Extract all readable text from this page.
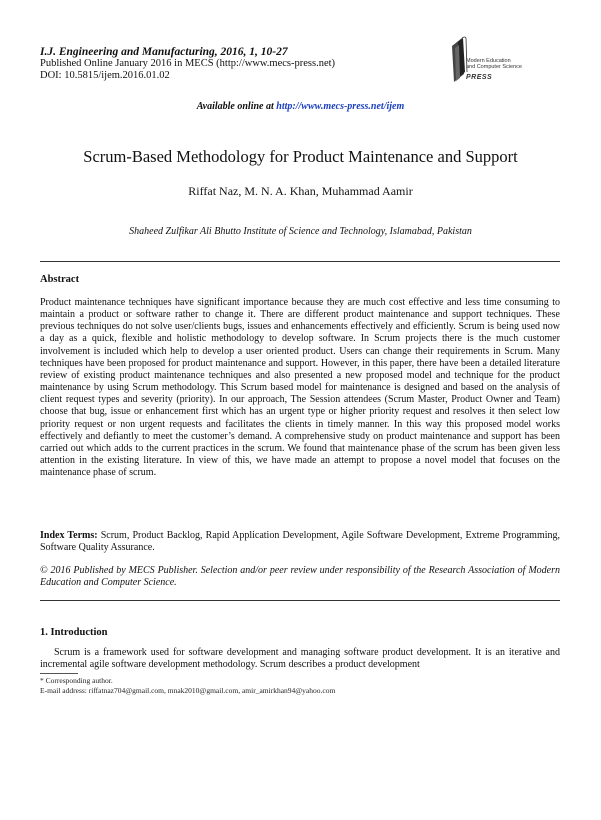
I.J. Engineering and Manufacturing, 2016, 1, 10-27
Published Online January 2016 in MECS (http://www.mecs-press.net)
DOI: 10.5815/ijem.2016.01.02
Modern Education
and Computer Science
PRESS
Available online at http://www.mecs-press.net/ijem
Scrum-Based Methodology for Product Maintenance and Support
Riffat Naz, M. N. A. Khan, Muhammad Aamir
Shaheed Zulfikar Ali Bhutto Institute of Science and Technology, Islamabad, Pakistan
Abstract

Product maintenance techniques have significant importance because they are much cost effective and less time consuming to maintain a product or software rather to change it. There are different product maintenance and support techniques. These previous techniques do not solve user/clients bugs, issues and enhancements effectively and efficiently. Scrum is being used now a day as a quick, flexible and holistic methodology to develop software. In Scrum projects there is the much customer involvement is included which help to develop a user oriented product. Users can change their requirements in Scrum. Many techniques have been proposed for product maintenance and support. However, in this paper, there have been a detailed literature review of existing product maintenance techniques and also presented a new proposed model and technique for the product maintenance by using Scrum methodology. This Scrum based model for maintenance is designed and based on the analysis of client request types and severity (priority). In our approach, The Session attendees (Scrum Master, Product Owner and Team) choose that bug, issue or enhancement first which has an urgent type or higher priority request and resolves it then select low priority request or non urgent requests and facilitates the clients in timely manner. In this way this proposed model works effectively and defiantly to meet the customer’s demand. A comprehensive study on product maintenance and support has been carried out which adds to the current practices in the scrum. We found that maintenance phase of the scrum has been given less attention in the existing literature. In view of this, we have made an attempt to propose a novel model that focuses on the maintenance phase of scrum.

Index Terms: Scrum, Product Backlog, Rapid Application Development, Agile Software Development, Extreme Programming, Software Quality Assurance.

© 2016 Published by MECS Publisher. Selection and/or peer review under responsibility of the Research Association of Modern Education and Computer Science.

1. Introduction

Scrum is a framework used for software development and managing software product development. It is an iterative and incremental agile software development methodology. Scrum describes a product development

* Corresponding author.
E-mail address: riffatnaz704@gmail.com, mnak2010@gmail.com, amir_amirkhan94@yahoo.com
